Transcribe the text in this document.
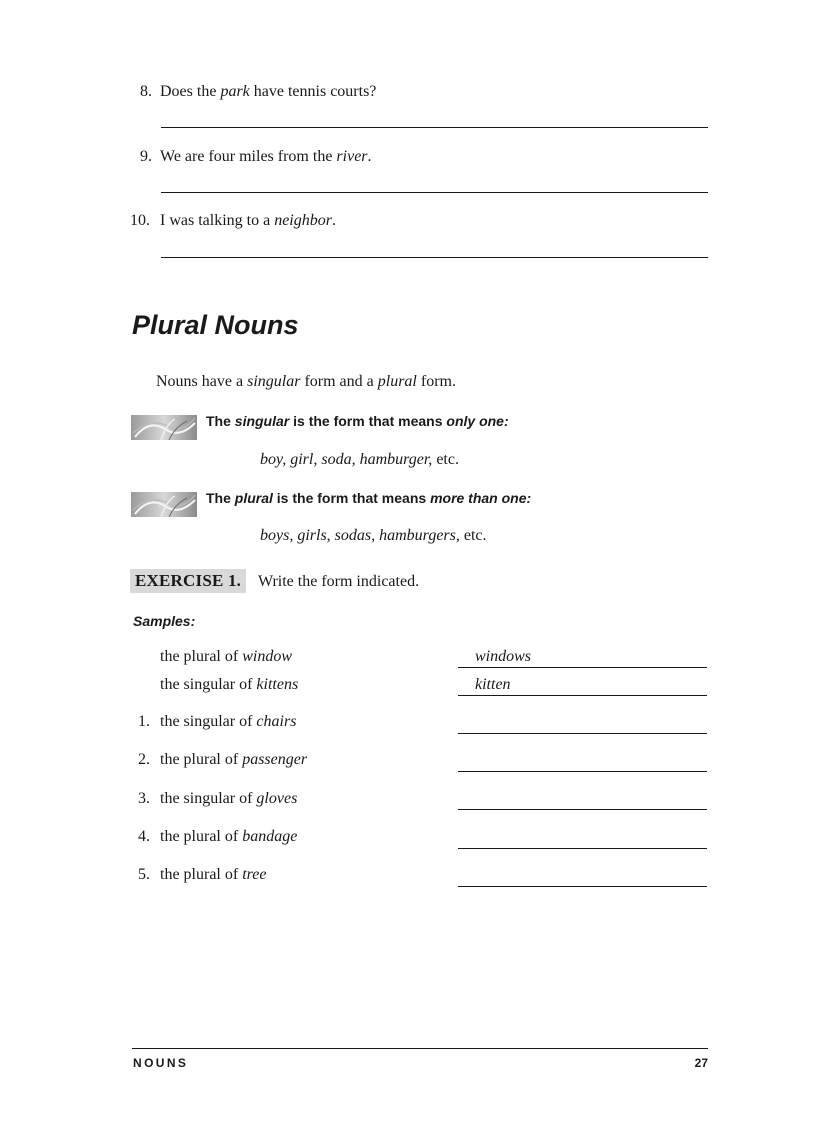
8. Does the park have tennis courts?
9. We are four miles from the river.
10. I was talking to a neighbor.
Plural Nouns
Nouns have a singular form and a plural form.
The singular is the form that means only one:
boy, girl, soda, hamburger, etc.
The plural is the form that means more than one:
boys, girls, sodas, hamburgers, etc.
EXERCISE 1.	Write the form indicated.
Samples:
the plural of window	windows
the singular of kittens	kitten
1. the singular of chairs
2. the plural of passenger
3. the singular of gloves
4. the plural of bandage
5. the plural of tree
NOUNS	27
